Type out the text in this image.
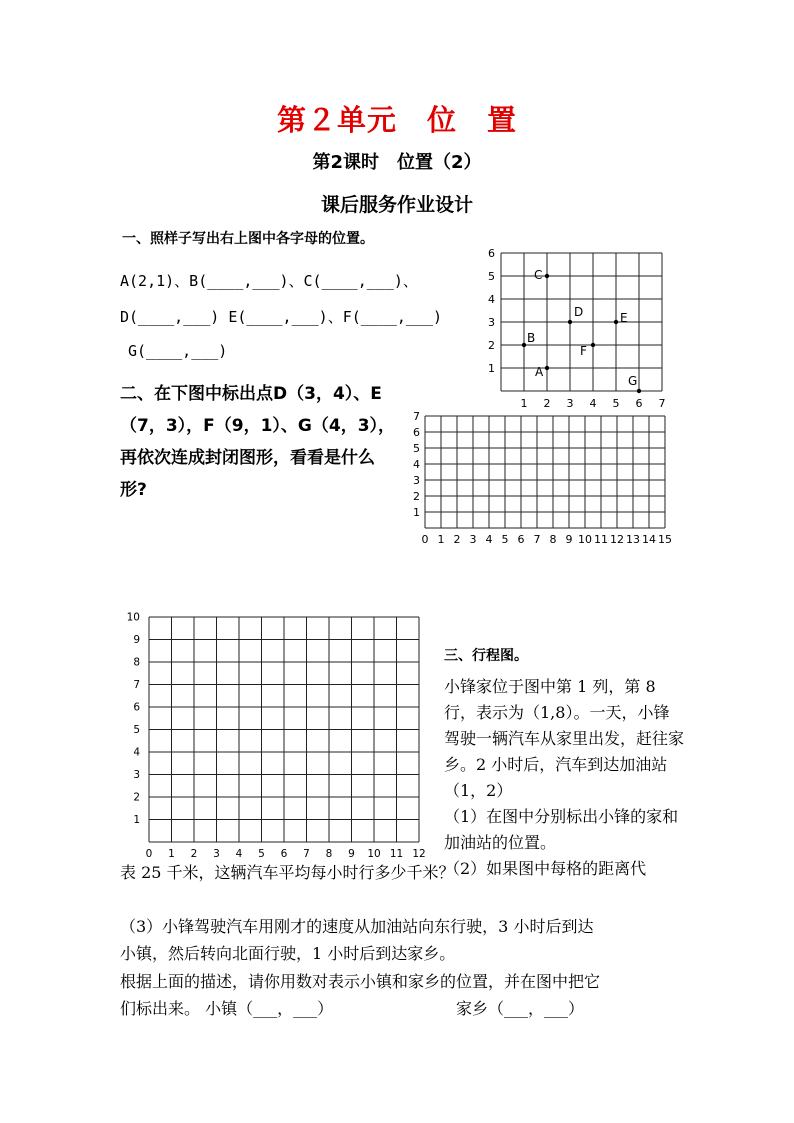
第２单元　位　置
第2课时　位置（2）
课后服务作业设计
一、照样子写出右上图中各字母的位置。
A(2,1)、B(____,___)、C(____,___)、
D(____,___) E(____,___)、F(____,___)
G(____,___)
1 2 3 4 5 6 7
1
2
3
4
5
6
A
B
C
D	E
F
G
二、在下图中标出点D（3，4）、E（7，3），F（9，1）、G（4，3），再依次连成封闭图形，看看是什么形?
0 1 2 3 4 5 6 7 8 9 10 11 12 13 14 15
1
2
3
4
5
6
7
0 1 2 3 4 5 6 7 8 9 10 11 12
1
2
3
4
5
6
7
8
9
10
三、行程图。
小锋家位于图中第 1 列，第 8 行，表示为（1,8）。一天，小锋驾驶一辆汽车从家里出发，赶往家乡。2 小时后，汽车到达加油站（1，2）
（1）在图中分别标出小锋的家和加油站的位置。
（2）如果图中每格的距离代
表 25 千米，这辆汽车平均每小时行多少千米？
（3）小锋驾驶汽车用刚才的速度从加油站向东行驶，3 小时后到达
小镇，然后转向北面行驶，1 小时后到达家乡。
根据上面的描述，请你用数对表示小镇和家乡的位置，并在图中把它
们标出来。 小镇（___，___）	家乡（___，___）
